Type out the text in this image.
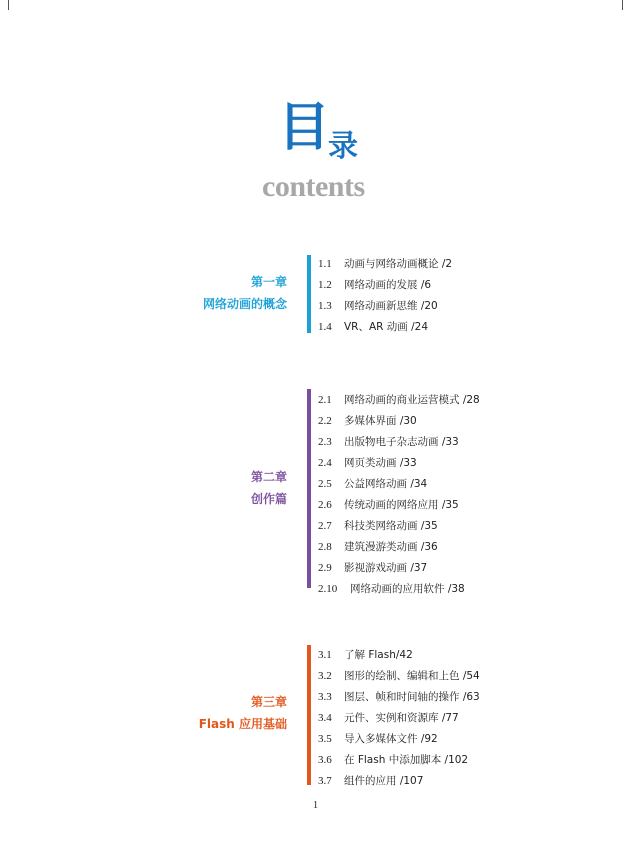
目
录
contents
第一章
网络动画的概念
1.1 动画与网络动画概论 /2
1.2 网络动画的发展 /6
1.3 网络动画新思维 /20
1.4 VR、AR 动画 /24
第二章
创作篇
2.1 网络动画的商业运营模式 /28
2.2 多媒体界面 /30
2.3 出版物电子杂志动画 /33
2.4 网页类动画 /33
2.5 公益网络动画 /34
2.6 传统动画的网络应用 /35
2.7 科技类网络动画 /35
2.8 建筑漫游类动画 /36
2.9 影视游戏动画 /37
2.10 网络动画的应用软件 /38
第三章
Flash 应用基础
3.1 了解 Flash/42
3.2 图形的绘制、编辑和上色 /54
3.3 图层、帧和时间轴的操作 /63
3.4 元件、实例和资源库 /77
3.5 导入多媒体文件 /92
3.6 在 Flash 中添加脚本 /102
3.7 组件的应用 /107
1
